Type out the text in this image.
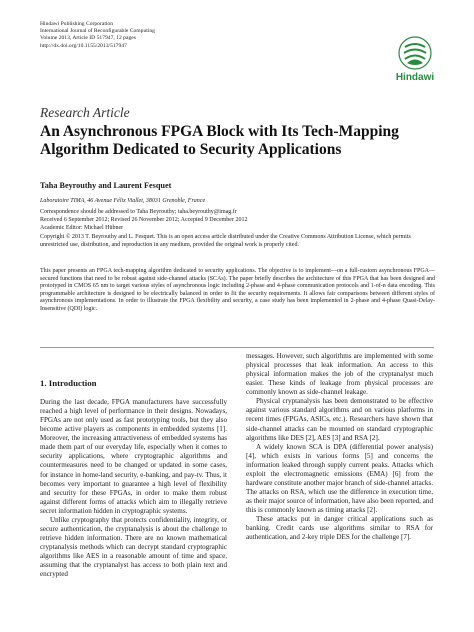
Hindawi Publishing Corporation
International Journal of Reconfigurable Computing
Volume 2013, Article ID 517947, 12 pages
http://dx.doi.org/10.1155/2013/517947
Hindawi
Research Article
An Asynchronous FPGA Block with Its Tech-Mapping
Algorithm Dedicated to Security Applications
Taha Beyrouthy and Laurent Fesquet
Laboratoire TIMA, 46 Avenue Félix Viallet, 38031 Grenoble, France
Correspondence should be addressed to Taha Beyrouthy; taha.beyrouthy@imag.fr
Received 6 September 2012; Revised 26 November 2012; Accepted 9 December 2012
Academic Editor: Michael Hübner
Copyright © 2013 T. Beyrouthy and L. Fesquet. This is an open access article distributed under the Creative Commons Attribution License, which permits unrestricted use, distribution, and reproduction in any medium, provided the original work is properly cited.
This paper presents an FPGA tech-mapping algorithm dedicated to security applications. The objective is to implement—on a full-custom asynchronous FPGA—secured functions that need to be robust against side-channel attacks (SCAs). The paper briefly describes the architecture of this FPGA that has been designed and prototyped in CMOS 65 nm to target various styles of asynchronous logic including 2-phase and 4-phase communication protocols and 1-of-n data encoding. This programmable architecture is designed to be electrically balanced in order to fit the security requirements. It allows fair comparisons between different styles of asynchronous implementations. In order to illustrate the FPGA flexibility and security, a case study has been implemented in 2-phase and 4-phase Quasi-Delay-Insensitive (QDI) logic.
1. Introduction

During the last decade, FPGA manufacturers have successfully reached a high level of performance in their designs. Nowadays, FPGAs are not only used as fast prototyping tools, but they also become active players as components in embedded systems [1]. Moreover, the increasing attractiveness of embedded systems has made them part of our everyday life, especially when it comes to security applications, where cryptographic algorithms and countermeasures need to be changed or updated in some cases, for instance in home-land security, e-banking, and pay-tv. Thus, it becomes very important to guarantee a high level of flexibility and security for these FPGAs, in order to make them robust against different forms of attacks which aim to illegally retrieve secret information hidden in cryptographic systems.

Unlike cryptography that protects confidentiality, integrity, or secure authentication, the cryptanalysis is about the challenge to retrieve hidden information. There are no known mathematical cryptanalysis methods which can decrypt standard cryptographic algorithms like AES in a reasonable amount of time and space, assuming that the cryptanalyst has access to both plain text and encrypted

messages. However, such algorithms are implemented with some physical processes that leak information. An access to this physical information makes the job of the cryptanalyst much easier. These kinds of leakage from physical processes are commonly known as side-channel leakage.

Physical cryptanalysis has been demonstrated to be effective against various standard algorithms and on various platforms in recent times (FPGAs, ASICs, etc.). Researchers have shown that side-channel attacks can be mounted on standard cryptographic algorithms like DES [2], AES [3] and RSA [2].

A widely known SCA is DPA (differential power analysis) [4], which exists in various forms [5] and concerns the information leaked through supply current peaks. Attacks which exploit the electromagnetic emissions (EMA) [6] from the hardware constitute another major branch of side-channel attacks. The attacks on RSA, which use the difference in execution time, as their major source of information, have also been reported, and this is commonly known as timing attacks [2].

These attacks put in danger critical applications such as banking. Credit cards use algorithms similar to RSA for authentication, and 2-key triple DES for the challenge [7].
